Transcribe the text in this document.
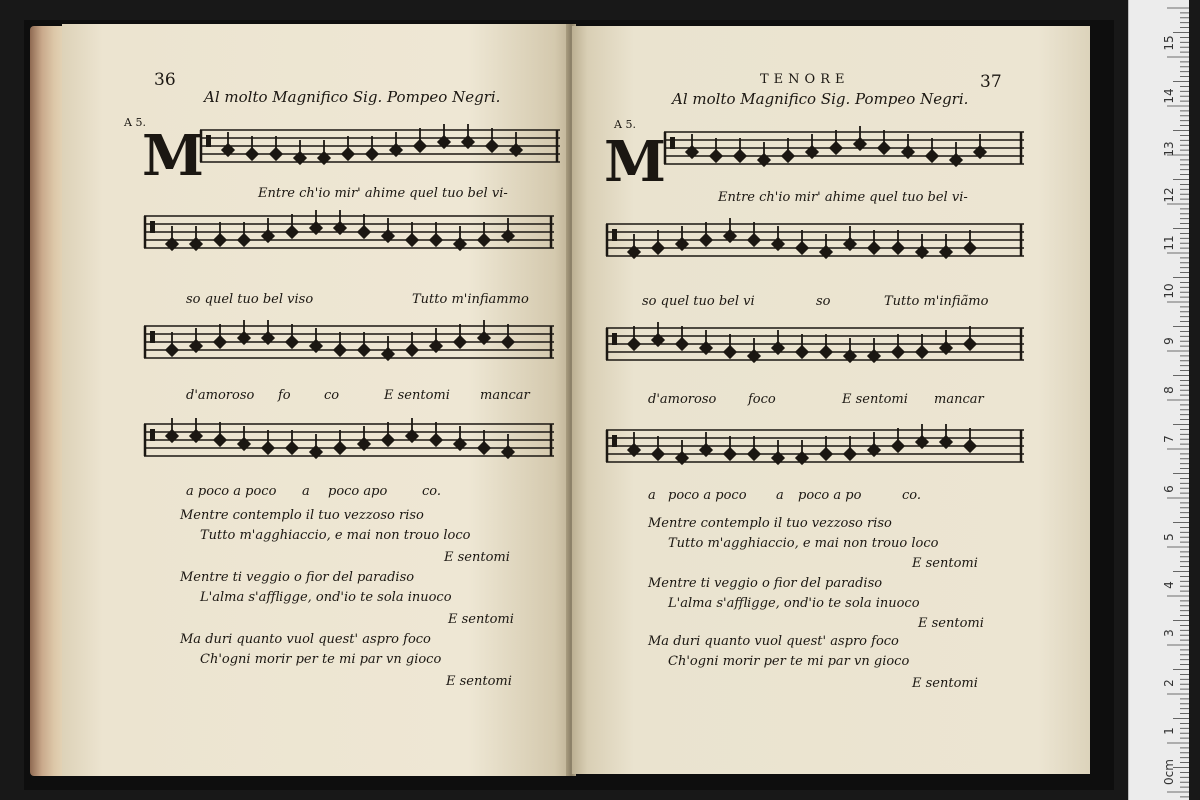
36
Al molto Magnifico Sig. Pompeo Negri.
A 5.
M
Entre ch'io mir' ahime quel tuo bel vi-
so quel tuo bel viso	Tutto m'infiammo
d'amoroso fo	co	E sentomi mancar
a poco a poco a poco apo	co.
Mentre contemplo il tuo vezzoso riso
Tutto m'agghiaccio, e mai non trouo loco
E sentomi
Mentre ti veggio o fior del paradiso
L'alma s'affligge, ond'io te sola inuoco
E sentomi
Ma duri quanto vuol quest' aspro foco
Ch'ogni morir per te mi par vn gioco
E sentomi
TENORE	37
Al molto Magnifico Sig. Pompeo Negri.
A 5.
M
Entre ch'io mir' ahime quel tuo bel vi-
so quel tuo bel vi	so	Tutto m'infiãmo
d'amoroso foco	E sentomi mancar
a poco a poco a poco a po	co.
Mentre contemplo il tuo vezzoso riso
Tutto m'agghiaccio, e mai non trouo loco
E sentomi
Mentre ti veggio o fior del paradiso
L'alma s'affligge, ond'io te sola inuoco
E sentomi
Ma duri quanto vuol quest' aspro foco
Ch'ogni morir per te mi par vn gioco
E sentomi
15
14
13
12
11
10
9
8
7
6
5
4
3
2
1
0cm
